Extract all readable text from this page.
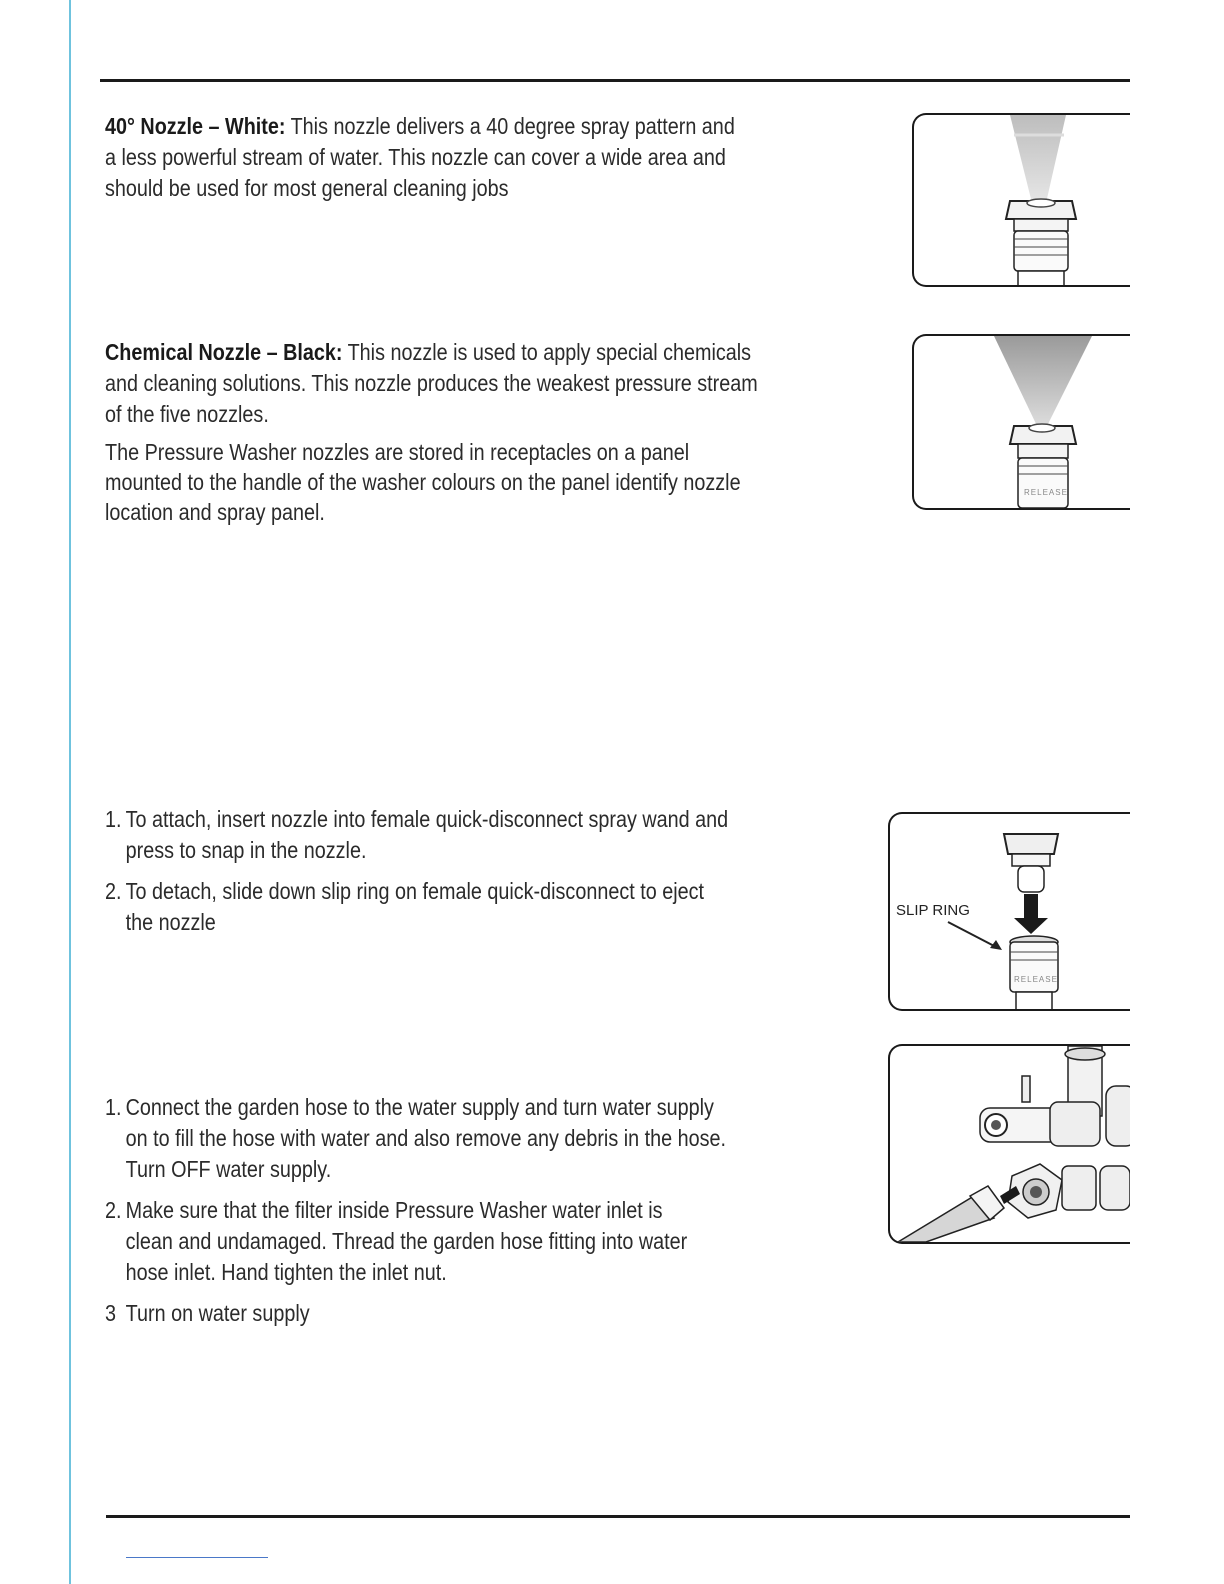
40° Nozzle – White: This nozzle delivers a 40 degree spray pattern and

a less powerful stream of water. This nozzle can cover a wide area and

should be used for most general cleaning jobs

Chemical Nozzle – Black: This nozzle is used to apply special chemicals

and cleaning solutions. This nozzle produces the weakest pressure stream

of the five nozzles.

The Pressure Washer nozzles are stored in receptacles on a panel

mounted to the handle of the washer colours on the panel identify nozzle

location and spray panel.

RELEASE
1. To attach, insert nozzle into female quick-disconnect spray wand and

press to snap in the nozzle.

2. To detach, slide down slip ring on female quick-disconnect to eject

the nozzle	SLIP RING
RELEASE
1. Connect the garden hose to the water supply and turn water supply

on to fill the hose with water and also remove any debris in the hose.

Turn OFF water supply.

2. Make sure that the filter inside Pressure Washer water inlet is

clean and undamaged. Thread the garden hose fitting into water

hose inlet. Hand tighten the inlet nut.

3 Turn on water supply
